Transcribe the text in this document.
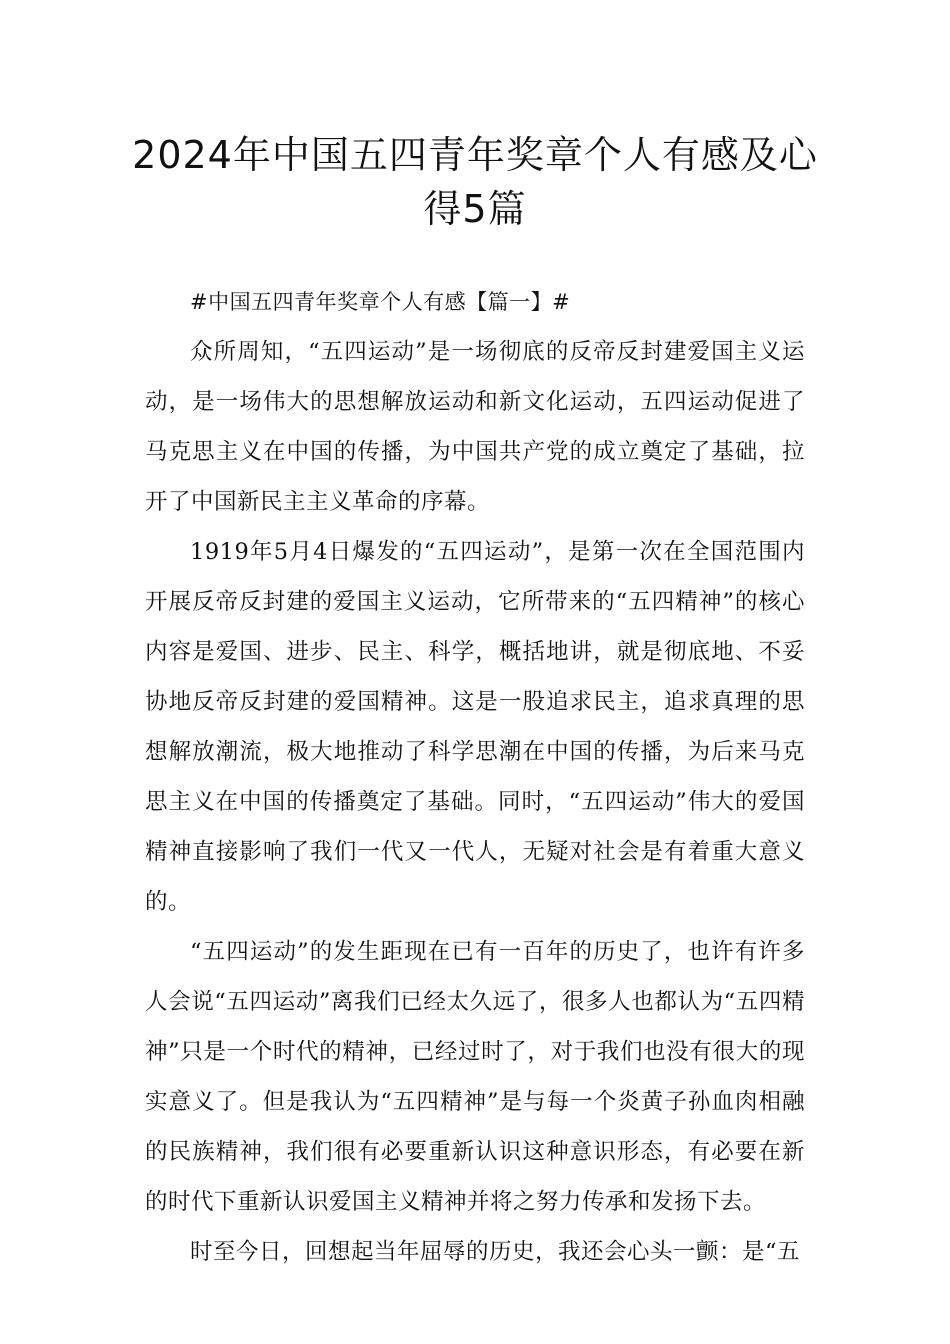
2024年中国五四青年奖章个人有感及心得5篇

#中国五四青年奖章个人有感【篇一】#

众所周知，“五四运动”是一场彻底的反帝反封建爱国主义运动，是一场伟大的思想解放运动和新文化运动，五四运动促进了马克思主义在中国的传播，为中国共产党的成立奠定了基础，拉开了中国新民主主义革命的序幕。

1919年5月4日爆发的“五四运动”，是第一次在全国范围内开展反帝反封建的爱国主义运动，它所带来的“五四精神”的核心内容是爱国、进步、民主、科学，概括地讲，就是彻底地、不妥协地反帝反封建的爱国精神。这是一股追求民主，追求真理的思想解放潮流，极大地推动了科学思潮在中国的传播，为后来马克思主义在中国的传播奠定了基础。同时，“五四运动”伟大的爱国精神直接影响了我们一代又一代人，无疑对社会是有着重大意义的。

“五四运动”的发生距现在已有一百年的历史了，也许有许多人会说“五四运动”离我们已经太久远了，很多人也都认为“五四精神”只是一个时代的精神，已经过时了，对于我们也没有很大的现实意义了。但是我认为“五四精神”是与每一个炎黄子孙血肉相融的民族精神，我们很有必要重新认识这种意识形态，有必要在新的时代下重新认识爱国主义精神并将之努力传承和发扬下去。

时至今日，回想起当年屈辱的历史，我还会心头一颤：是“五
